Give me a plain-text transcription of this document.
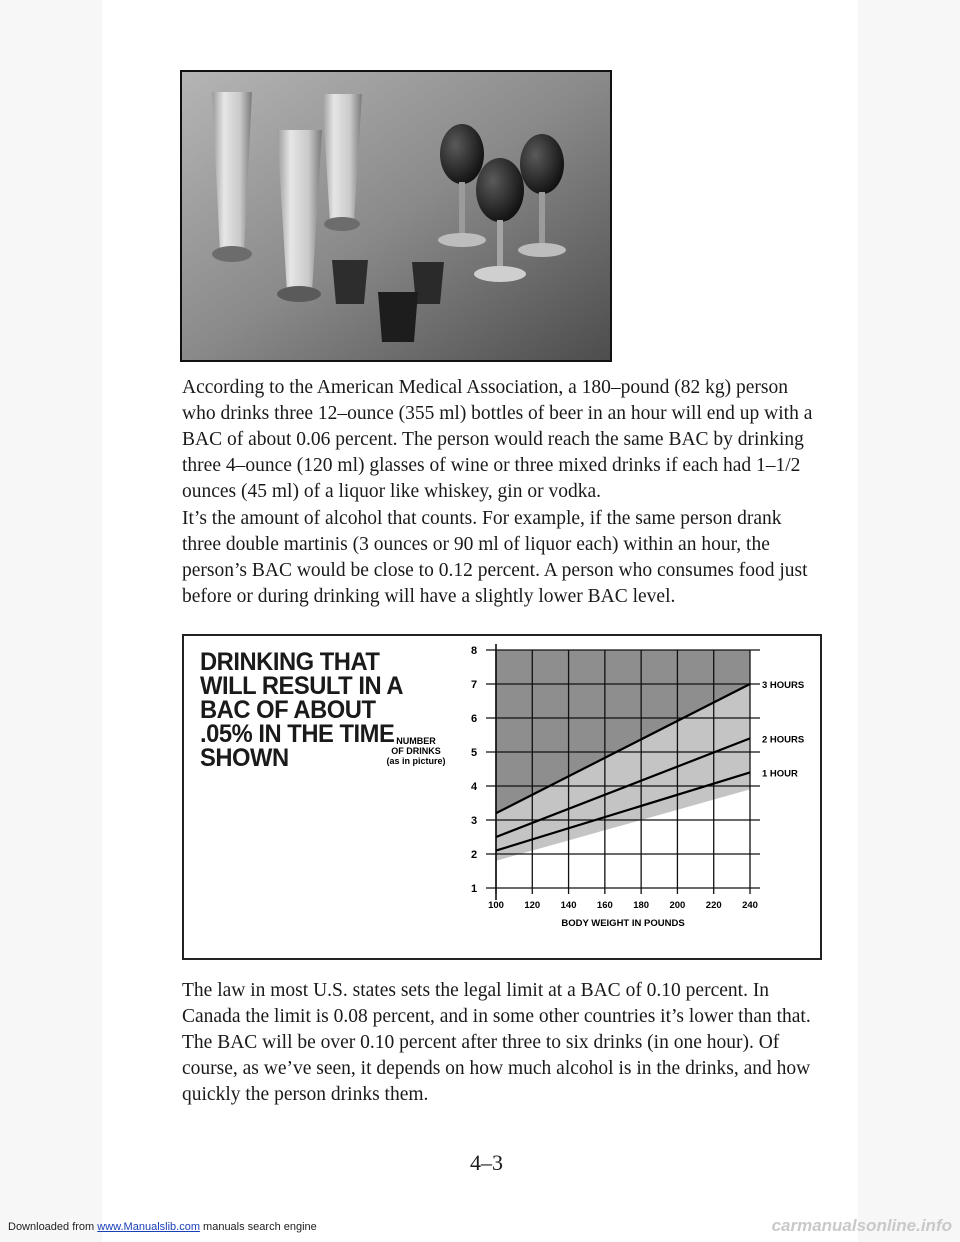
According to the American Medical Association, a 180–pound (82 kg) person who drinks three 12–ounce (355 ml) bottles of beer in an hour will end up with a BAC of about 0.06 percent. The person would reach the same BAC by drinking three 4–ounce (120 ml) glasses of wine or three mixed drinks if each had 1–1/2 ounces (45 ml) of a liquor like whiskey, gin or vodka.

It’s the amount of alcohol that counts. For example, if the same person drank three double martinis (3 ounces or 90 ml of liquor each) within an hour, the person’s BAC would be close to 0.12 percent. A person who consumes food just before or during drinking will have a slightly lower BAC level.

DRINKING THAT WILL RESULT IN A BAC OF ABOUT .05% IN THE TIME SHOWN
100 120 140 160 180 200 220 240
1
2
3
4
5
6
7
8
1 HOUR
2 HOURS
3 HOURS
BODY WEIGHT IN POUNDS
NUMBER
OF DRINKS
(as in picture)

The law in most U.S. states sets the legal limit at a BAC of 0.10 percent. In Canada the limit is 0.08 percent, and in some other countries it’s lower than that. The BAC will be over 0.10 percent after three to six drinks (in one hour). Of course, as we’ve seen, it depends on how much alcohol is in the drinks, and how quickly the person drinks them.

4–3
Downloaded from www.Manualslib.com manuals search engine	carmanualsonline.info
